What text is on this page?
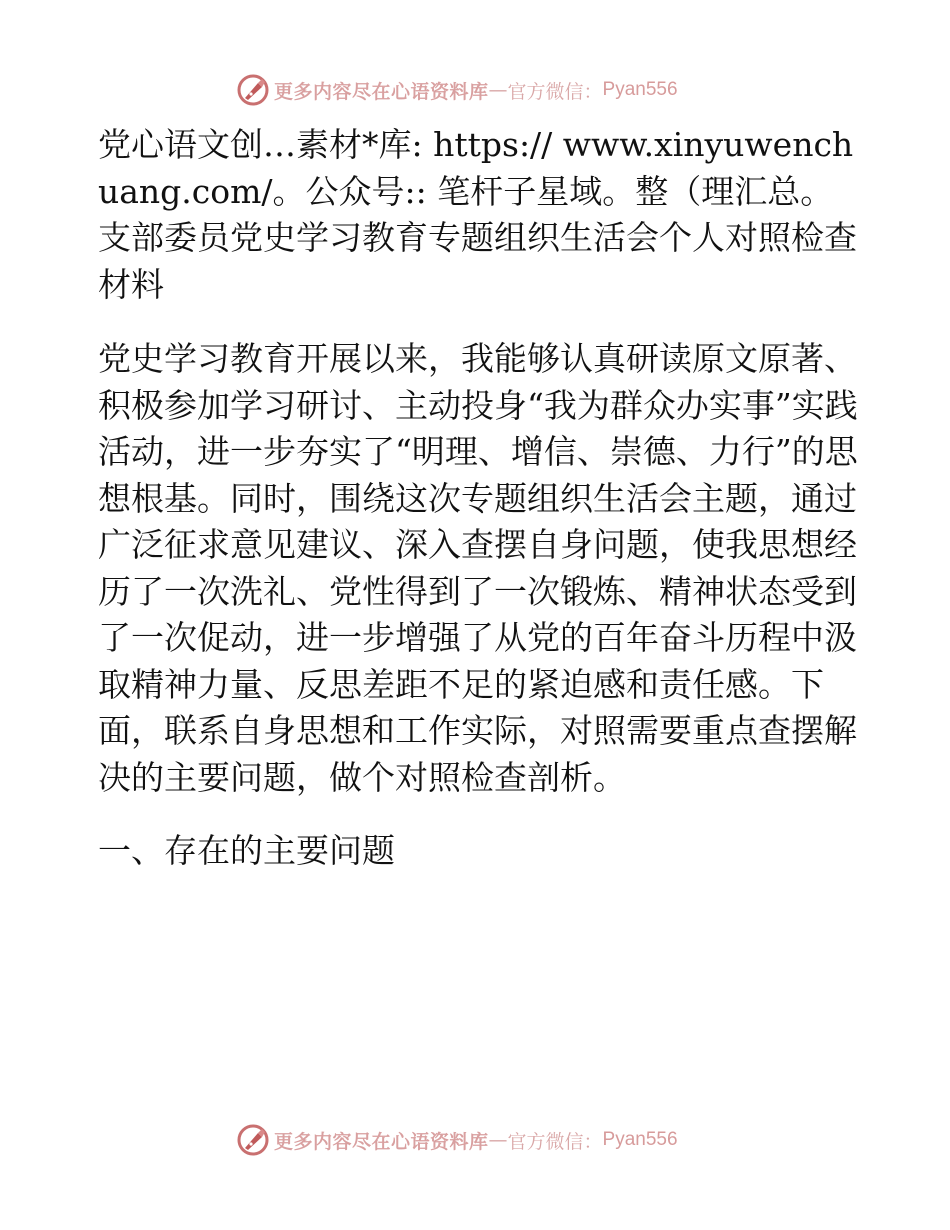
更多内容尽在心语资料库 — 官方微信： Pyan556

党心语文创…素材*库: https:// www.xinyuwenchuang.com/。公众号:: 笔杆子星域。整（理汇总。支部委员党史学习教育专题组织生活会个人对照检查材料

党史学习教育开展以来，我能够认真研读原文原著、积极参加学习研讨、主动投身“我为群众办实事”实践活动，进一步夯实了“明理、增信、崇德、力行”的思想根基。同时，围绕这次专题组织生活会主题，通过广泛征求意见建议、深入查摆自身问题，使我思想经历了一次洗礼、党性得到了一次锻炼、精神状态受到了一次促动，进一步增强了从党的百年奋斗历程中汲取精神力量、反思差距不足的紧迫感和责任感。下面，联系自身思想和工作实际，对照需要重点查摆解决的主要问题，做个对照检查剖析。

一、存在的主要问题

更多内容尽在心语资料库 — 官方微信： Pyan556
